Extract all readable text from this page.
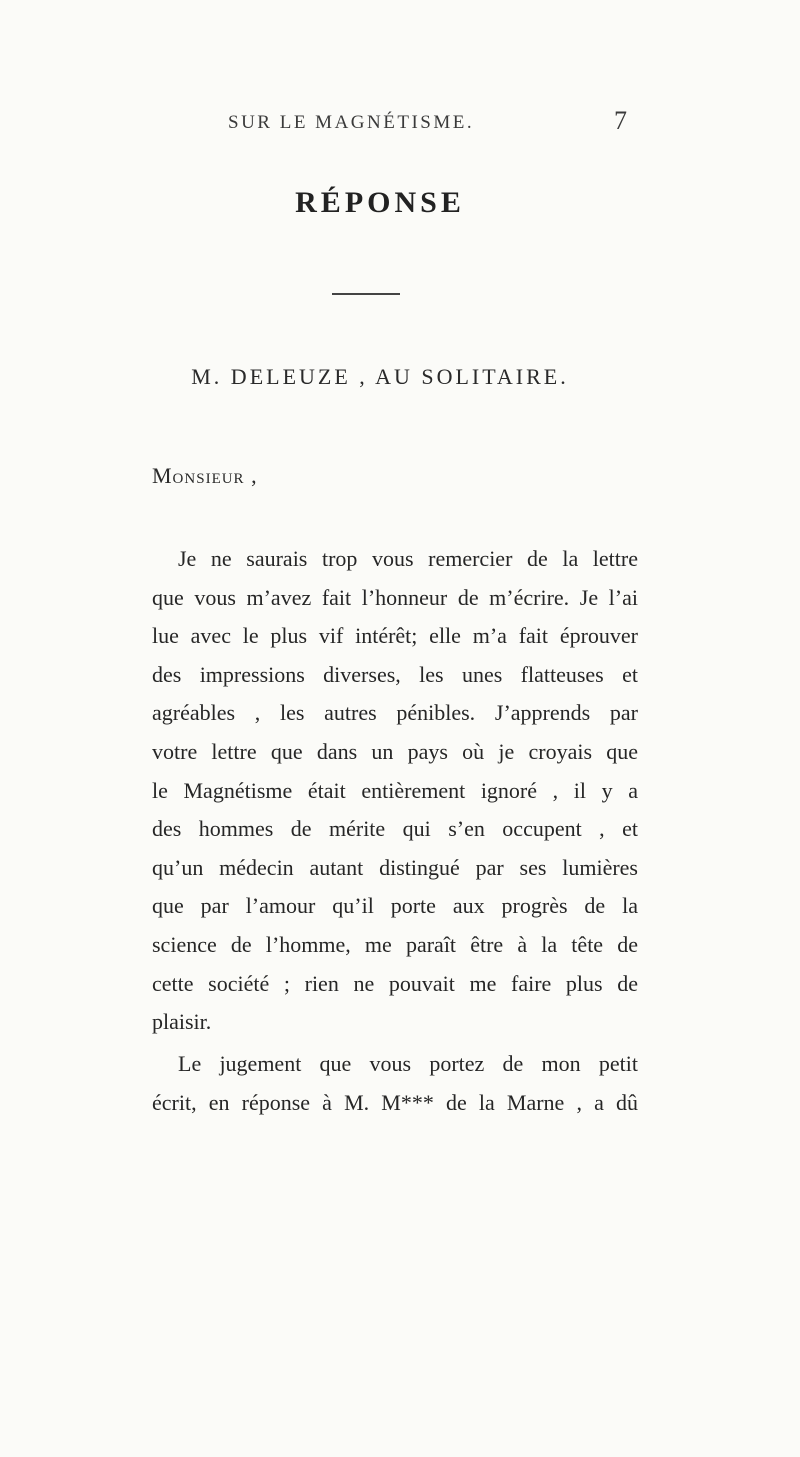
SUR LE MAGNÉTISME.	7
RÉPONSE
M. DELEUZE , AU SOLITAIRE.
Monsieur ,
Je ne saurais trop vous remercier de la lettre
que vous m’avez fait l’honneur de m’écrire. Je l’ai
lue avec le plus vif intérêt; elle m’a fait éprouver
des impressions diverses, les unes flatteuses et
agréables , les autres pénibles. J’apprends par
votre lettre que dans un pays où je croyais que
le Magnétisme était entièrement ignoré , il y a
des hommes de mérite qui s’en occupent , et
qu’un médecin autant distingué par ses lumières
que par l’amour qu’il porte aux progrès de la
science de l’homme, me paraît être à la tête de
cette société ; rien ne pouvait me faire plus de
plaisir.
Le jugement que vous portez de mon petit
écrit, en réponse à M. M*** de la Marne , a dû
